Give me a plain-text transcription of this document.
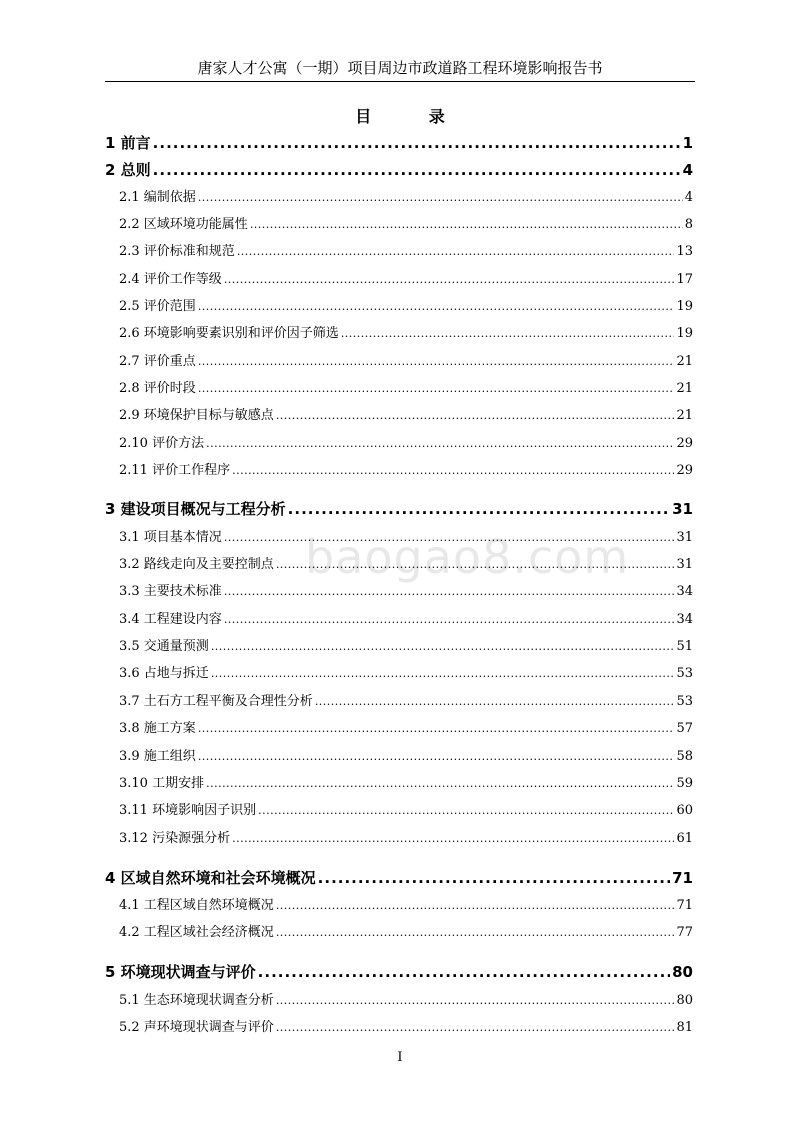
唐家人才公寓（一期）项目周边市政道路工程环境影响报告书
baogao8.com
目 录
1 前言 .....	1
2 总则 .....	4
2.1 编制依据 .....	4
2.2 区域环境功能属性 .....	8
2.3 评价标准和规范 .....	13
2.4 评价工作等级 .....	17
2.5 评价范围 .....	19
2.6 环境影响要素识别和评价因子筛选 .....	19
2.7 评价重点 .....	21
2.8 评价时段 .....	21
2.9 环境保护目标与敏感点 .....	21
2.10 评价方法 .....	29
2.11 评价工作程序 .....	29
3 建设项目概况与工程分析 .....	31
3.1 项目基本情况 .....	31
3.2 路线走向及主要控制点 .....	31
3.3 主要技术标准 .....	34
3.4 工程建设内容 .....	34
3.5 交通量预测 .....	51
3.6 占地与拆迁 .....	53
3.7 土石方工程平衡及合理性分析 .....	53
3.8 施工方案 .....	57
3.9 施工组织 .....	58
3.10 工期安排 .....	59
3.11 环境影响因子识别 .....	60
3.12 污染源强分析 .....	61
4 区域自然环境和社会环境概况 .....	71
4.1 工程区域自然环境概况 .....	71
4.2 工程区域社会经济概况 .....	77
5 环境现状调查与评价 .....	80
5.1 生态环境现状调查分析 .....	80
5.2 声环境现状调查与评价 .....	81
I
